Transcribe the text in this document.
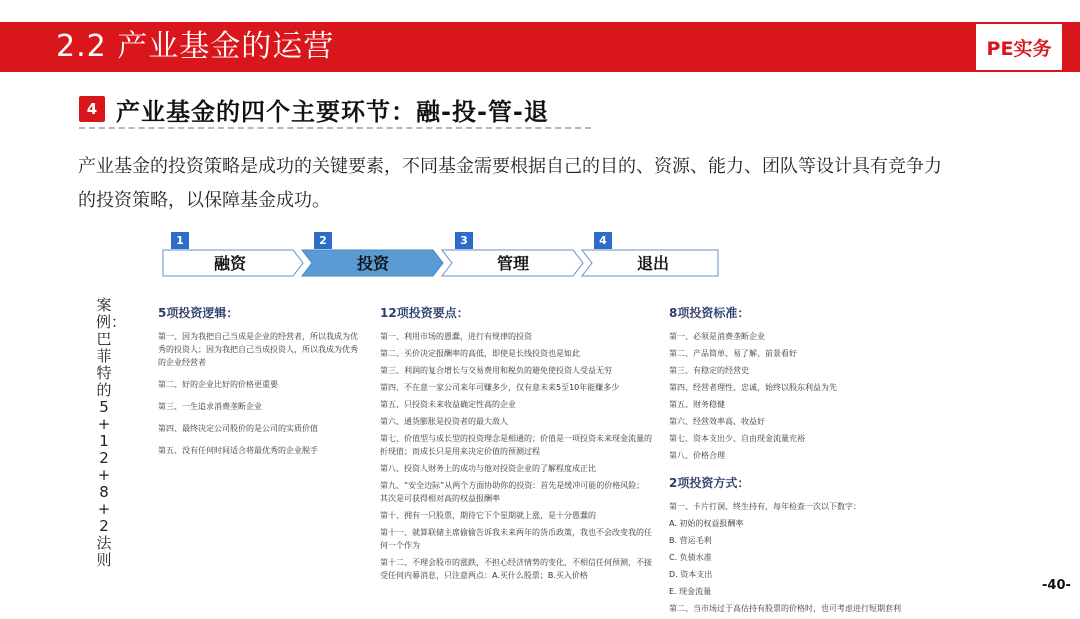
2.2 产业基金的运营	PE实务
4 产业基金的四个主要环节：融-投-管-退

产业基金的投资策略是成功的关键要素，不同基金需要根据自己的目的、资源、能力、团队等设计具有竞争力

的投资策略，以保障基金成功。

1	2	3	4
融资	投资	管理	退出
案例：巴菲特的5+12+8+2法则
5项投资逻辑：
第一、因为我把自己当成是企业的经营者，所以我成为优秀的投资人；因为我把自己当成投资人，所以我成为优秀的企业经营者
第二、好的企业比好的价格更重要
第三、一生追求消费垄断企业
第四、最终决定公司股价的是公司的实质价值
第五、没有任何时间适合将最优秀的企业脱手
12项投资要点：
第一、利用市场的愚蠢，进行有规律的投资
第二、买价决定报酬率的高低，即使是长线投资也是如此
第三、利润的复合增长与交易费用和税负的避免使投资人受益无穷
第四、不在意一家公司来年可赚多少，仅有意未来5至10年能赚多少
第五、只投资未来收益确定性高的企业
第六、通货膨胀是投资者的最大敌人
第七、价值型与成长型的投资理念是相通的；价值是一项投资未来现金流量的折现值；而成长只是用来决定价值的预测过程
第八、投资人财务上的成功与他对投资企业的了解程度成正比
第九、“安全边际”从两个方面协助你的投资：首先是缓冲可能的价格风险；其次是可获得相对高的权益报酬率
第十、拥有一只股票，期待它下个星期就上涨，是十分愚蠢的
第十一、就算联储主席偷偷告诉我未来两年的货币政策，我也不会改变我的任何一个作为
第十二、不理会股市的涨跌，不担心经济情势的变化，不相信任何预测，不接受任何内幕消息，只注意两点：A.买什么股票；B.买入价格
8项投资标准：
第一、必须是消费垄断企业
第二、产品简单、易了解、前景看好
第三、有稳定的经营史
第四、经营者理性、忠诚，始终以股东利益为先
第五、财务稳健
第六、经营效率高、收益好
第七、资本支出少、自由现金流量充裕
第八、价格合理
2项投资方式：
第一、卡片打洞、终生持有，每年检查一次以下数字：
A. 初始的权益报酬率
B. 营运毛利
C. 负债水准
D. 资本支出
E. 现金流量
第二、当市场过于高估持有股票的价格时，也可考虑进行短期套利
-40-
